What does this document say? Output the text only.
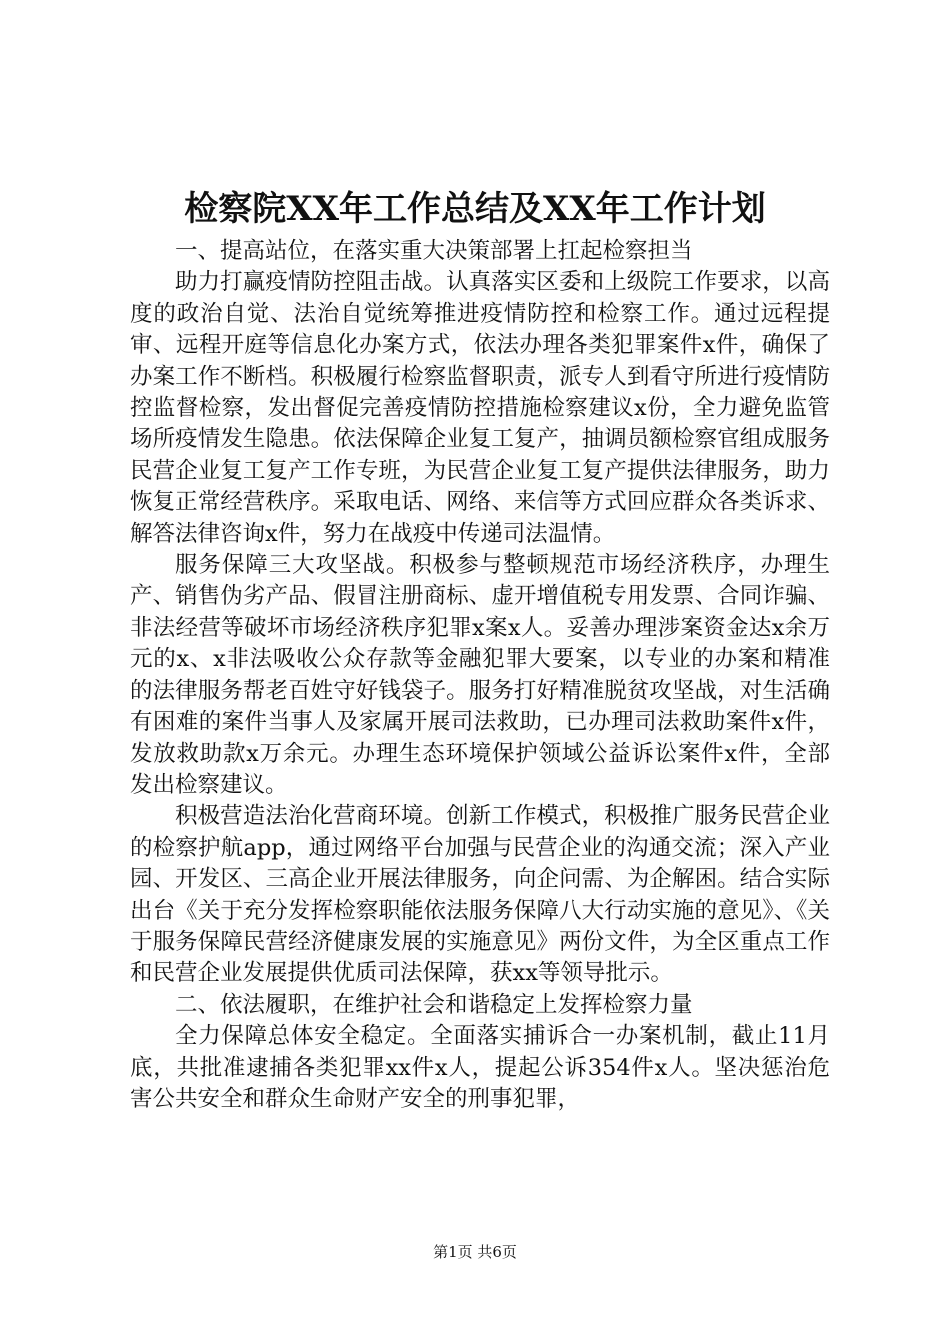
检察院XX年工作总结及XX年工作计划

一、提高站位，在落实重大决策部署上扛起检察担当

助力打赢疫情防控阻击战。认真落实区委和上级院工作要求，以高度的政治自觉、法治自觉统筹推进疫情防控和检察工作。通过远程提审、远程开庭等信息化办案方式，依法办理各类犯罪案件x件，确保了办案工作不断档。积极履行检察监督职责，派专人到看守所进行疫情防控监督检察，发出督促完善疫情防控措施检察建议x份，全力避免监管场所疫情发生隐患。依法保障企业复工复产，抽调员额检察官组成服务民营企业复工复产工作专班，为民营企业复工复产提供法律服务，助力恢复正常经营秩序。采取电话、网络、来信等方式回应群众各类诉求、解答法律咨询x件，努力在战疫中传递司法温情。

服务保障三大攻坚战。积极参与整顿规范市场经济秩序，办理生产、销售伪劣产品、假冒注册商标、虚开增值税专用发票、合同诈骗、非法经营等破坏市场经济秩序犯罪x案x人。妥善办理涉案资金达x余万元的x、x非法吸收公众存款等金融犯罪大要案，以专业的办案和精准的法律服务帮老百姓守好钱袋子。服务打好精准脱贫攻坚战，对生活确有困难的案件当事人及家属开展司法救助，已办理司法救助案件x件，发放救助款x万余元。办理生态环境保护领域公益诉讼案件x件，全部发出检察建议。

积极营造法治化营商环境。创新工作模式，积极推广服务民营企业的检察护航app，通过网络平台加强与民营企业的沟通交流；深入产业园、开发区、三高企业开展法律服务，向企问需、为企解困。结合实际出台《关于充分发挥检察职能依法服务保障八大行动实施的意见》、《关于服务保障民营经济健康发展的实施意见》两份文件，为全区重点工作和民营企业发展提供优质司法保障，获xx等领导批示。

二、依法履职，在维护社会和谐稳定上发挥检察力量

全力保障总体安全稳定。全面落实捕诉合一办案机制，截止11月底，共批准逮捕各类犯罪xx件x人，提起公诉354件x人。坚决惩治危害公共安全和群众生命财产安全的刑事犯罪，

第1页 共6页
